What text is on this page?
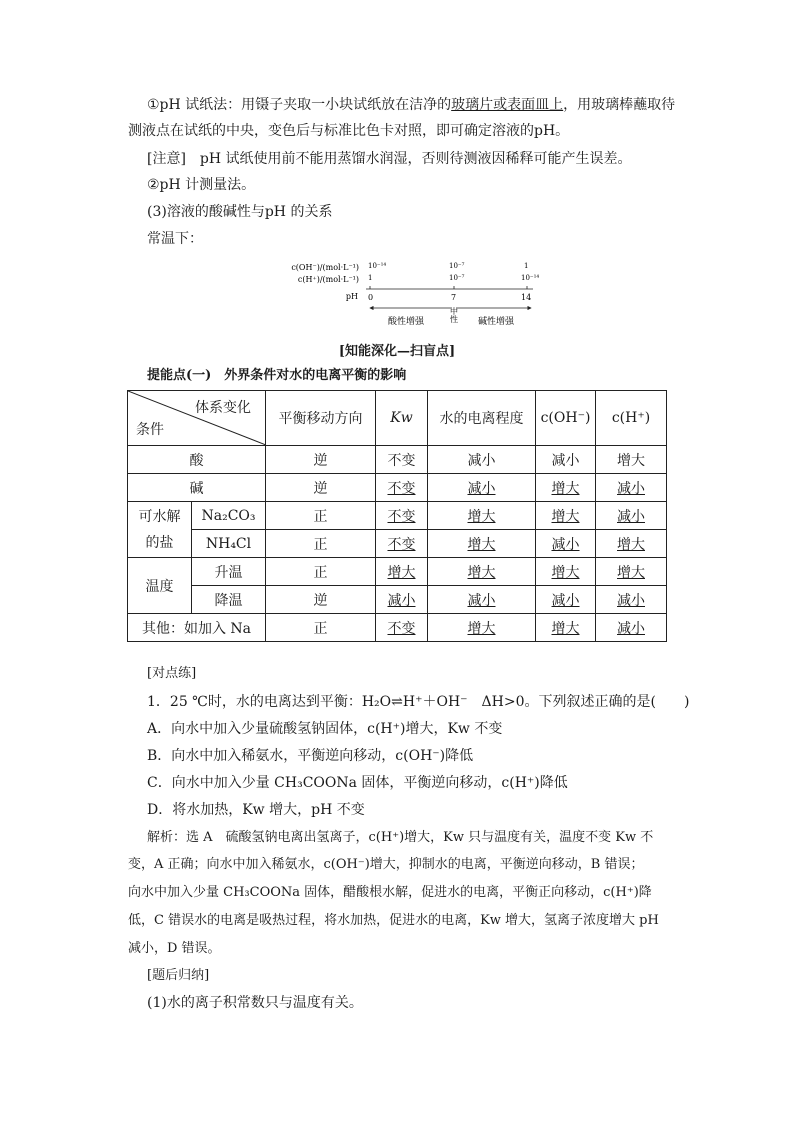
①pH 试纸法：用镊子夹取一小块试纸放在洁净的玻璃片或表面皿上，用玻璃棒蘸取待
测液点在试纸的中央，变色后与标准比色卡对照，即可确定溶液的pH。
[注意]　pH 试纸使用前不能用蒸馏水润湿，否则待测液因稀释可能产生误差。
②pH 计测量法。
(3)溶液的酸碱性与pH 的关系
常温下：
c(OH⁻)/(mol·L⁻¹)
c(H⁺)/(mol·L⁻¹)
pH
10⁻¹⁴	10⁻⁷	1
1	10⁻⁷	10⁻¹⁴
0	7	14
酸性增强	中性 碱性增强
[知能深化—扫盲点]
提能点(一)　外界条件对水的电离平衡的影响
体系变化
条件		平衡移动方向	Kw	水的电离程度	c(OH⁻)	c(H⁺)
酸		逆	不变	减小	减小	增大
碱		逆	不变	减小	增大	减小
可水解的盐	Na₂CO₃	正	不变	增大	增大	减小
	NH₄Cl	正	不变	增大	减小	增大
温度	升温	正	增大	增大	增大	增大
	降温	逆	减小	减小	减小	减小
其他：如加入 Na		正	不变	增大	增大	减小
[对点练]
1．25 ℃时，水的电离达到平衡：H₂O⇌H⁺＋OH⁻　ΔH>0。下列叙述正确的是(　　)
A．向水中加入少量硫酸氢钠固体，c(H⁺)增大，Kw 不变
B．向水中加入稀氨水，平衡逆向移动，c(OH⁻)降低
C．向水中加入少量 CH₃COONa 固体，平衡逆向移动，c(H⁺)降低
D．将水加热，Kw 增大，pH 不变
解析：选 A　硫酸氢钠电离出氢离子，c(H⁺)增大，Kw 只与温度有关，温度不变 Kw 不
变，A 正确；向水中加入稀氨水，c(OH⁻)增大，抑制水的电离，平衡逆向移动，B 错误；
向水中加入少量 CH₃COONa 固体，醋酸根水解，促进水的电离，平衡正向移动，c(H⁺)降
低，C 错误水的电离是吸热过程，将水加热，促进水的电离，Kw 增大，氢离子浓度增大 pH
减小，D 错误。
[题后归纳]
(1)水的离子积常数只与温度有关。
